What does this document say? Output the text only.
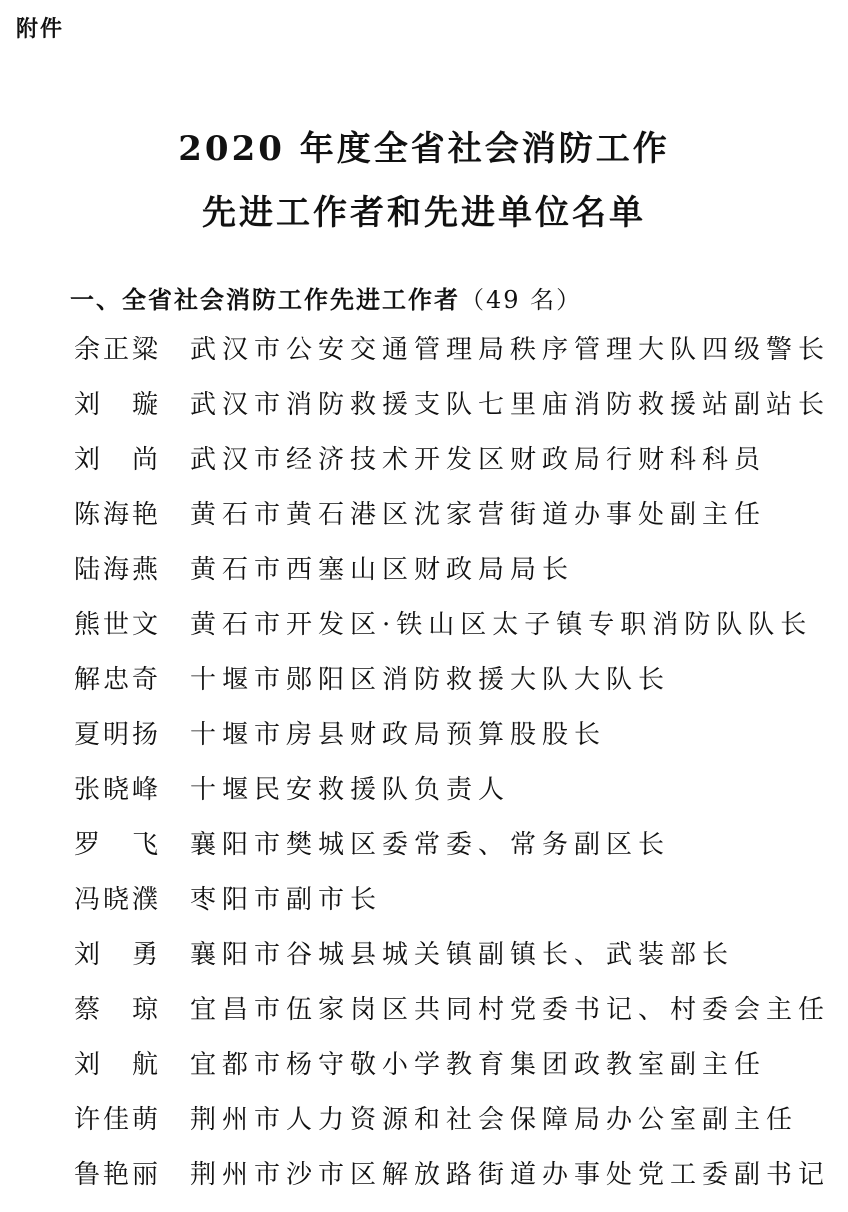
附件
2020 年度全省社会消防工作
先进工作者和先进单位名单
一、全省社会消防工作先进工作者（49 名）
余正粱	武汉市公安交通管理局秩序管理大队四级警长
刘　璇	武汉市消防救援支队七里庙消防救援站副站长
刘　尚	武汉市经济技术开发区财政局行财科科员
陈海艳	黄石市黄石港区沈家营街道办事处副主任
陆海燕	黄石市西塞山区财政局局长
熊世文	黄石市开发区·铁山区太子镇专职消防队队长
解忠奇	十堰市郧阳区消防救援大队大队长
夏明扬	十堰市房县财政局预算股股长
张晓峰	十堰民安救援队负责人
罗　飞	襄阳市樊城区委常委、常务副区长
冯晓濮	枣阳市副市长
刘　勇	襄阳市谷城县城关镇副镇长、武装部长
蔡　琼	宜昌市伍家岗区共同村党委书记、村委会主任
刘　航	宜都市杨守敬小学教育集团政教室副主任
许佳萌	荆州市人力资源和社会保障局办公室副主任
鲁艳丽	荆州市沙市区解放路街道办事处党工委副书记
